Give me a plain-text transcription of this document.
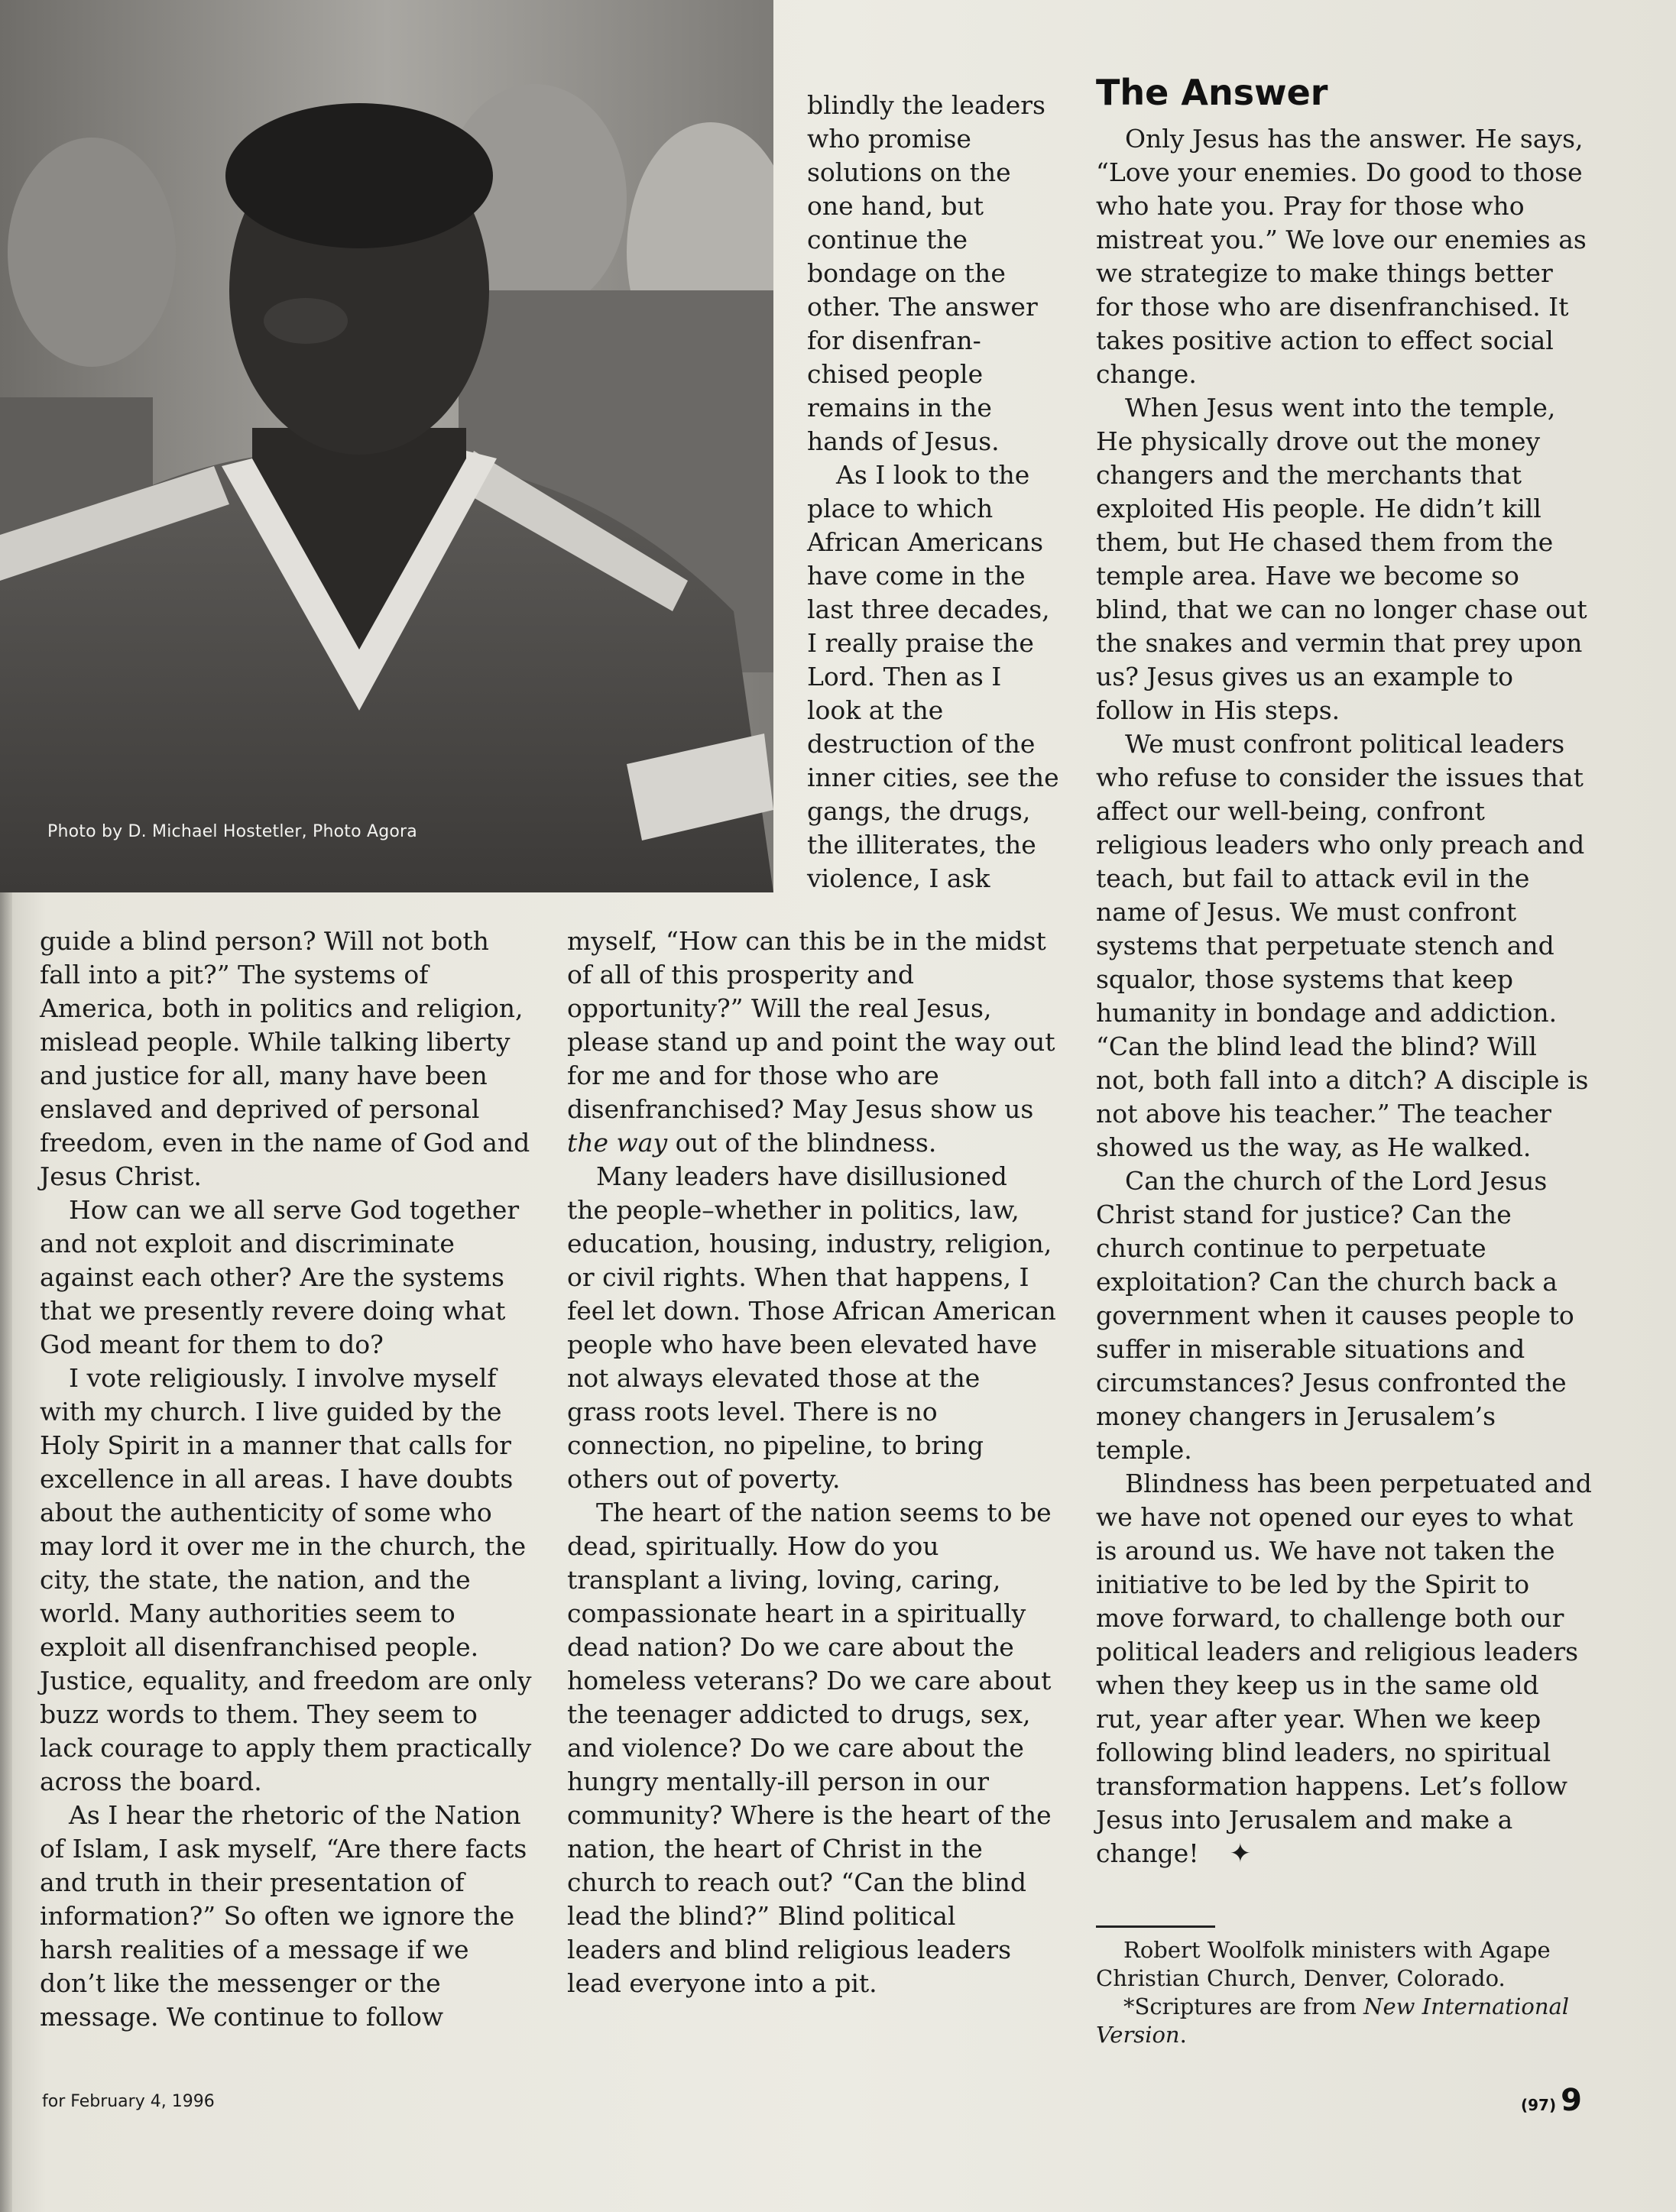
Photo by D. Michael Hostetler, Photo Agora

blindly the leaders who promise solutions on the one hand, but continue the bondage on the other. The answer for disenfran-chised people remains in the hands of Jesus.

As I look to the place to which African Americans have come in the last three decades, I really praise the Lord. Then as I look at the destruction of the inner cities, see the gangs, the drugs, the illiterates, the violence, I ask

The Answer

Only Jesus has the answer. He says, “Love your enemies. Do good to those who hate you. Pray for those who mistreat you.” We love our enemies as we strategize to make things better for those who are disenfranchised. It takes positive action to effect social change.

When Jesus went into the temple, He physically drove out the money changers and the merchants that exploited His people. He didn’t kill them, but He chased them from the temple area. Have we become so blind, that we can no longer chase out the snakes and vermin that prey upon us? Jesus gives us an example to follow in His steps.

We must confront political leaders who refuse to consider the issues that affect our well-being, confront religious leaders who only preach and teach, but fail to attack evil in the name of Jesus. We must confront systems that perpetuate stench and squalor, those systems that keep humanity in bondage and addiction. “Can the blind lead the blind? Will not, both fall into a ditch? A disciple is not above his teacher.” The teacher showed us the way, as He walked.

Can the church of the Lord Jesus Christ stand for justice? Can the church continue to perpetuate exploitation? Can the church back a government when it causes people to suffer in miserable situations and circumstances? Jesus confronted the money changers in Jerusalem’s temple.

Blindness has been perpetuated and we have not opened our eyes to what is around us. We have not taken the initiative to be led by the Spirit to move forward, to challenge both our political leaders and religious leaders when they keep us in the same old rut, year after year. When we keep following blind leaders, no spiritual transformation happens. Let’s follow Jesus into Jerusalem and make a change! ✦

guide a blind person? Will not both fall into a pit?” The systems of America, both in politics and religion, mislead people. While talking liberty and justice for all, many have been enslaved and deprived of personal freedom, even in the name of God and Jesus Christ.

How can we all serve God together and not exploit and discriminate against each other? Are the systems that we presently revere doing what God meant for them to do?

I vote religiously. I involve myself with my church. I live guided by the Holy Spirit in a manner that calls for excellence in all areas. I have doubts about the authenticity of some who may lord it over me in the church, the city, the state, the nation, and the world. Many authorities seem to exploit all disenfranchised people. Justice, equality, and freedom are only buzz words to them. They seem to lack courage to apply them practically across the board.

As I hear the rhetoric of the Nation of Islam, I ask myself, “Are there facts and truth in their presentation of information?” So often we ignore the harsh realities of a message if we don’t like the messenger or the message. We continue to follow

myself, “How can this be in the midst of all of this prosperity and opportunity?” Will the real Jesus, please stand up and point the way out for me and for those who are disenfranchised? May Jesus show us the way out of the blindness.

Many leaders have disillusioned the people–whether in politics, law, education, housing, industry, religion, or civil rights. When that happens, I feel let down. Those African American people who have been elevated have not always elevated those at the grass roots level. There is no connection, no pipeline, to bring others out of poverty.

The heart of the nation seems to be dead, spiritually. How do you transplant a living, loving, caring, compassionate heart in a spiritually dead nation? Do we care about the homeless veterans? Do we care about the teenager addicted to drugs, sex, and violence? Do we care about the hungry mentally-ill person in our community? Where is the heart of the nation, the heart of Christ in the church to reach out? “Can the blind lead the blind?” Blind political leaders and blind religious leaders lead everyone into a pit.

Robert Woolfolk ministers with Agape Christian Church, Denver, Colorado.

*Scriptures are from New International Version.

for February 4, 1996	(97) 9
